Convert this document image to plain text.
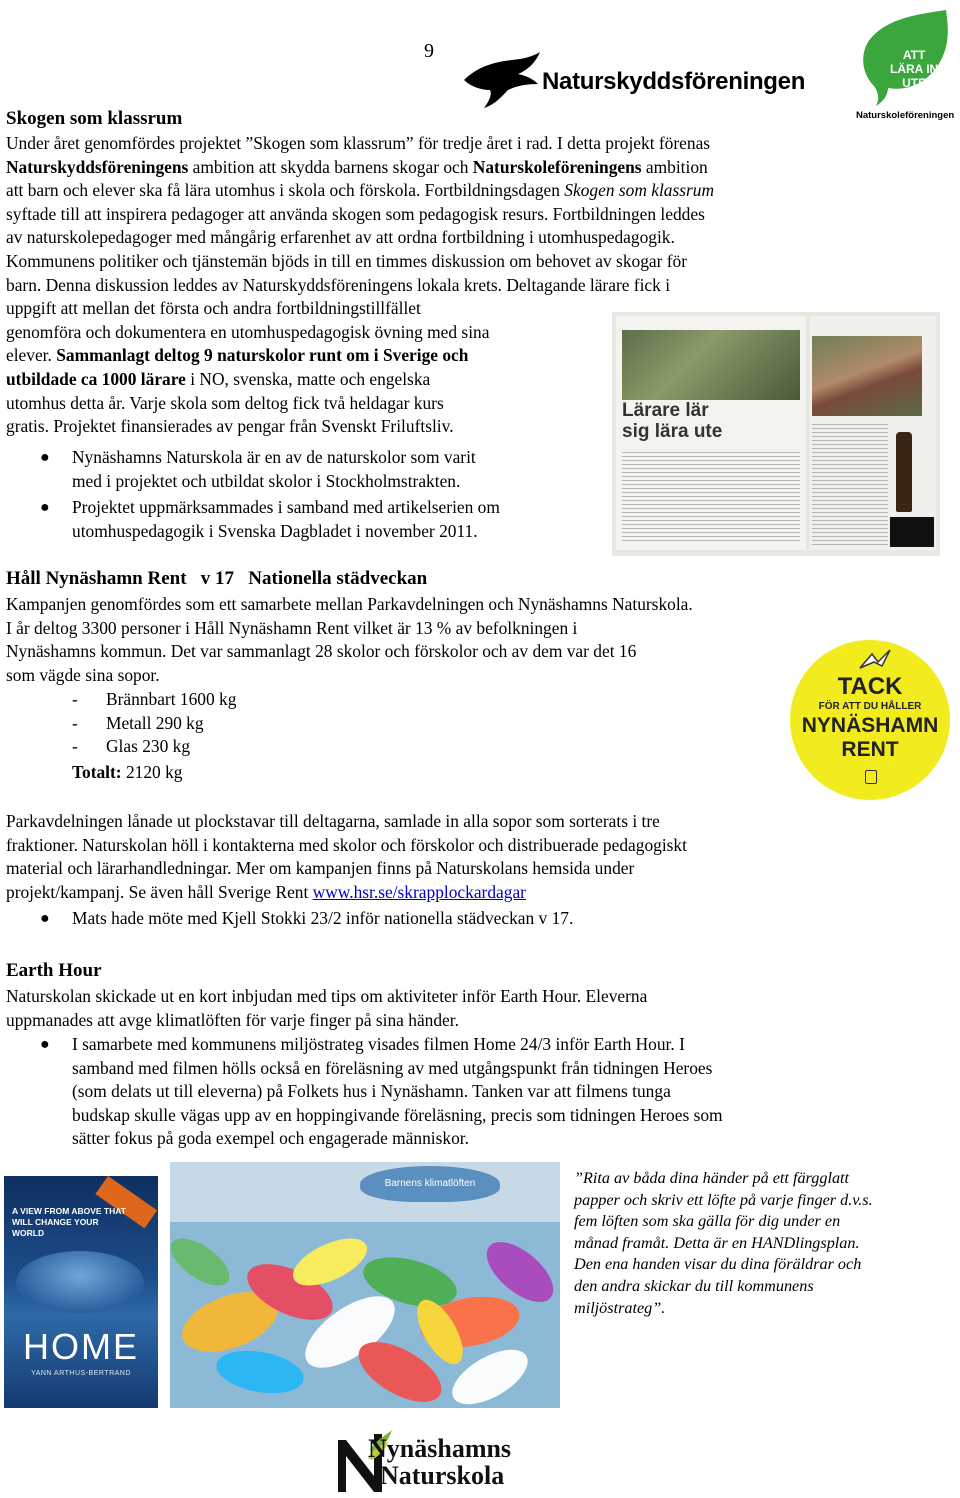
9
Naturskyddsföreningen
ATT
LÄRA IN
UTE
Naturskoleföreningen
Skogen som klassrum
Under året genomfördes projektet ”Skogen som klassrum” för tredje året i rad. I detta projekt förenas
Naturskyddsföreningens ambition att skydda barnens skogar och Naturskoleföreningens ambition
att barn och elever ska få lära utomhus i skola och förskola. Fortbildningsdagen Skogen som klassrum
syftade till att inspirera pedagoger att använda skogen som pedagogisk resurs. Fortbildningen leddes
av naturskolepedagoger med mångårig erfarenhet av att ordna fortbildning i utomhuspedagogik.
Kommunens politiker och tjänstemän bjöds in till en timmes diskussion om behovet av skogar för
barn. Denna diskussion leddes av Naturskyddsföreningens lokala krets. Deltagande lärare fick i
uppgift att mellan det första och andra fortbildningstillfället
genomföra och dokumentera en utomhuspedagogisk övning med sina
elever. Sammanlagt deltog 9 naturskolor runt om i Sverige och
utbildade ca 1000 lärare i NO, svenska, matte och engelska
utomhus detta år. Varje skola som deltog fick två heldagar kurs
gratis. Projektet finansierades av pengar från Svenskt Friluftsliv.
●	Nynäshamns Naturskola är en av de naturskolor som varit
med i projektet och utbildat skolor i Stockholmstrakten.
●	Projektet uppmärksammades i samband med artikelserien om
utomhuspedagogik i Svenska Dagbladet i november 2011.
Lärare lär
sig lära ute
Håll Nynäshamn Rent   v 17   Nationella städveckan
Kampanjen genomfördes som ett samarbete mellan Parkavdelningen och Nynäshamns Naturskola.
I år deltog 3300 personer i Håll Nynäshamn Rent vilket är 13 % av befolkningen i
Nynäshamns kommun. Det var sammanlagt 28 skolor och förskolor och av dem var det 16
som vägde sina sopor.
- Brännbart 1600 kg
- Metall 290 kg
- Glas 230 kg
Totalt: 2120 kg
TACK
FÖR ATT DU HÅLLER
NYNÄSHAMN
RENT
Parkavdelningen lånade ut plockstavar till deltagarna, samlade in alla sopor som sorterats i tre
fraktioner. Naturskolan höll i kontakterna med skolor och förskolor och distribuerade pedagogiskt
material och lärarhandledningar. Mer om kampanjen finns på Naturskolans hemsida under
projekt/kampanj. Se även håll Sverige Rent www.hsr.se/skrapplockardagar
●	Mats hade möte med Kjell Stokki 23/2 inför nationella städveckan v 17.
Earth Hour
Naturskolan skickade ut en kort inbjudan med tips om aktiviteter inför Earth Hour. Eleverna
uppmanades att avge klimatlöften för varje finger på sina händer.
●	I samarbete med kommunens miljöstrateg visades filmen Home 24/3 inför Earth Hour. I
samband med filmen hölls också en föreläsning av med utgångspunkt från tidningen Heroes
(som delats ut till eleverna) på Folkets hus i Nynäshamn. Tanken var att filmens tunga
budskap skulle vägas upp av en hoppingivande föreläsning, precis som tidningen Heroes som
sätter fokus på goda exempel och engagerade människor.
A VIEW FROM ABOVE THAT WILL CHANGE YOUR WORLD
HOME
YANN ARTHUS-BERTRAND
Barnens klimatlöften	”Rita av båda dina händer på ett färgglatt
papper och skriv ett löfte på varje finger d.v.s.
fem löften som ska gälla för dig under en
månad framåt. Detta är en HANDlingsplan.
Den ena handen visar du dina föräldrar och
den andra skickar du till kommunens
miljöstrateg”.
Nynäshamns
Naturskola
